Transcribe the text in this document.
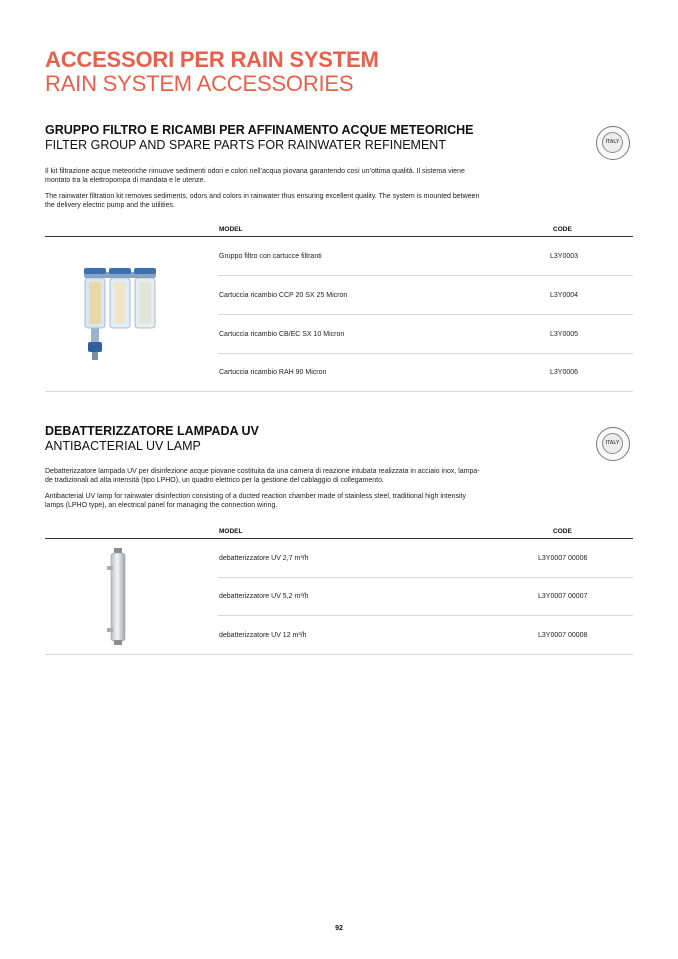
ACCESSORI PER RAIN SYSTEM
RAIN SYSTEM ACCESSORIES
GRUPPO FILTRO E RICAMBI PER AFFINAMENTO ACQUE METEORICHE
FILTER GROUP AND SPARE PARTS FOR RAINWATER REFINEMENT	ITALY
Il kit filtrazione acque meteoriche rimuove sedimenti odori e colori nell’acqua piovana garantendo così un’ottima qualità. Il sistema viene
montato tra la elettropompa di mandata e le utenze.
The rainwater filtration kit removes sediments, odors and colors in rainwater thus ensuring excellent quality. The system is mounted between
the delivery electric pump and the utilities.
MODEL	CODE
Gruppo filtro con cartucce filtranti	L3Y0003
Cartuccia ricambio CCP 20 SX 25 Micron	L3Y0004
Cartuccia ricambio CB/EC SX 10 Micron	L3Y0005
Cartuccia ricambio RAH 90 Micron	L3Y0006
DEBATTERIZZATORE LAMPADA UV
ANTIBACTERIAL UV LAMP	ITALY
Debatterizzatore lampada UV per disinfezione acque piovane costituita da una camera di reazione intubata realizzata in acciaio inox, lampa-
de tradizionali ad alta intensità (tipo LPHO), un quadro elettrico per la gestione del cablaggio di collegamento.
Antibacterial UV lamp for rainwater disinfection consisting of a ducted reaction chamber made of stainless steel, traditional high intensity
lamps (LPHO type), an electrical panel for managing the connection wiring.
MODEL	CODE
debatterizzatore UV 2,7 m³/h	L3Y0007 00006
debatterizzatore UV 5,2 m³/h	L3Y0007 00007
debatterizzatore UV 12 m³/h	L3Y0007 00008
92
